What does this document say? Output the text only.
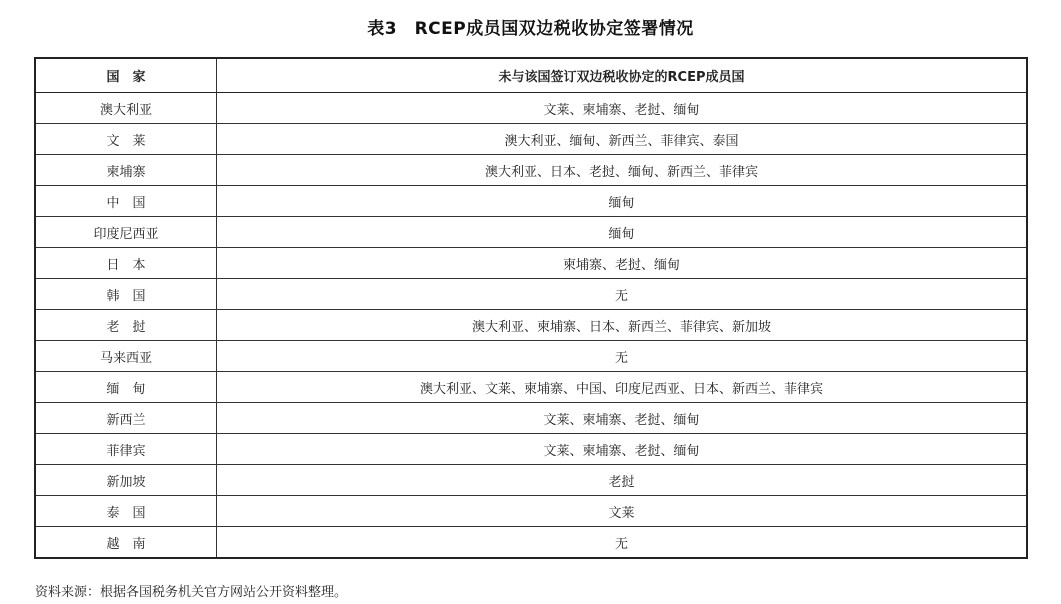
表3　RCEP成员国双边税收协定签署情况
国　家	未与该国签订双边税收协定的RCEP成员国
澳大利亚	文莱、柬埔寨、老挝、缅甸
文　莱	澳大利亚、缅甸、新西兰、菲律宾、泰国
柬埔寨	澳大利亚、日本、老挝、缅甸、新西兰、菲律宾
中　国	缅甸
印度尼西亚	缅甸
日　本	柬埔寨、老挝、缅甸
韩　国	无
老　挝	澳大利亚、柬埔寨、日本、新西兰、菲律宾、新加坡
马来西亚	无
缅　甸	澳大利亚、文莱、柬埔寨、中国、印度尼西亚、日本、新西兰、菲律宾
新西兰	文莱、柬埔寨、老挝、缅甸
菲律宾	文莱、柬埔寨、老挝、缅甸
新加坡	老挝
泰　国	文莱
越　南	无
资料来源：根据各国税务机关官方网站公开资料整理。
